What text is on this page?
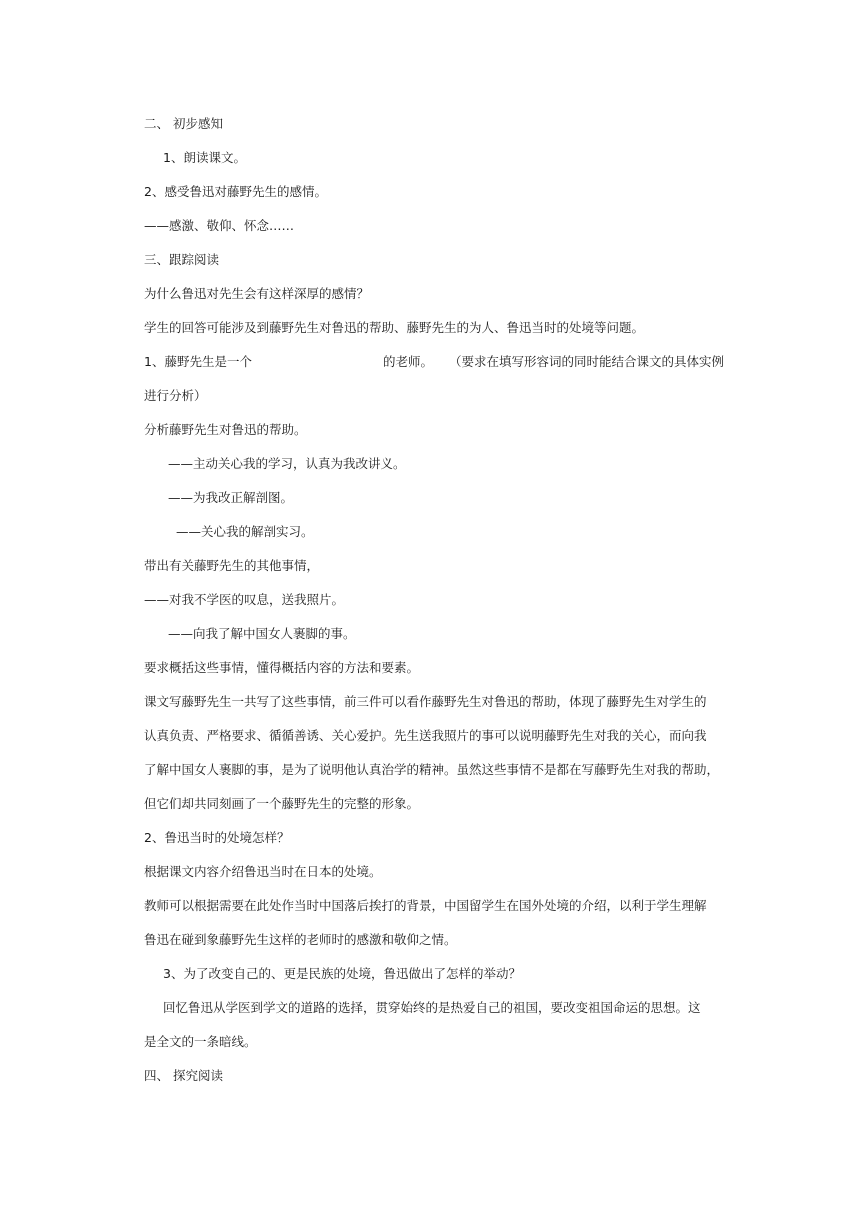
二、 初步感知
1、朗读课文。
2、感受鲁迅对藤野先生的感情。
——感激、敬仰、怀念……
三、跟踪阅读
为什么鲁迅对先生会有这样深厚的感情？
学生的回答可能涉及到藤野先生对鲁迅的帮助、藤野先生的为人、鲁迅当时的处境等问题。
1、藤野先生是一个	的老师。 （要求在填写形容词的同时能结合课文的具体实例
进行分析）
分析藤野先生对鲁迅的帮助。
——主动关心我的学习，认真为我改讲义。
——为我改正解剖图。
——关心我的解剖实习。
带出有关藤野先生的其他事情，
——对我不学医的叹息，送我照片。
——向我了解中国女人裹脚的事。
要求概括这些事情，懂得概括内容的方法和要素。
课文写藤野先生一共写了这些事情，前三件可以看作藤野先生对鲁迅的帮助，体现了藤野先生对学生的
认真负责、严格要求、循循善诱、关心爱护。先生送我照片的事可以说明藤野先生对我的关心，而向我
了解中国女人裹脚的事，是为了说明他认真治学的精神。虽然这些事情不是都在写藤野先生对我的帮助，
但它们却共同刻画了一个藤野先生的完整的形象。
2、鲁迅当时的处境怎样？
根据课文内容介绍鲁迅当时在日本的处境。
教师可以根据需要在此处作当时中国落后挨打的背景，中国留学生在国外处境的介绍，以利于学生理解
鲁迅在碰到象藤野先生这样的老师时的感激和敬仰之情。
3、为了改变自己的、更是民族的处境，鲁迅做出了怎样的举动？
回忆鲁迅从学医到学文的道路的选择，贯穿始终的是热爱自己的祖国，要改变祖国命运的思想。这
是全文的一条暗线。
四、 探究阅读
